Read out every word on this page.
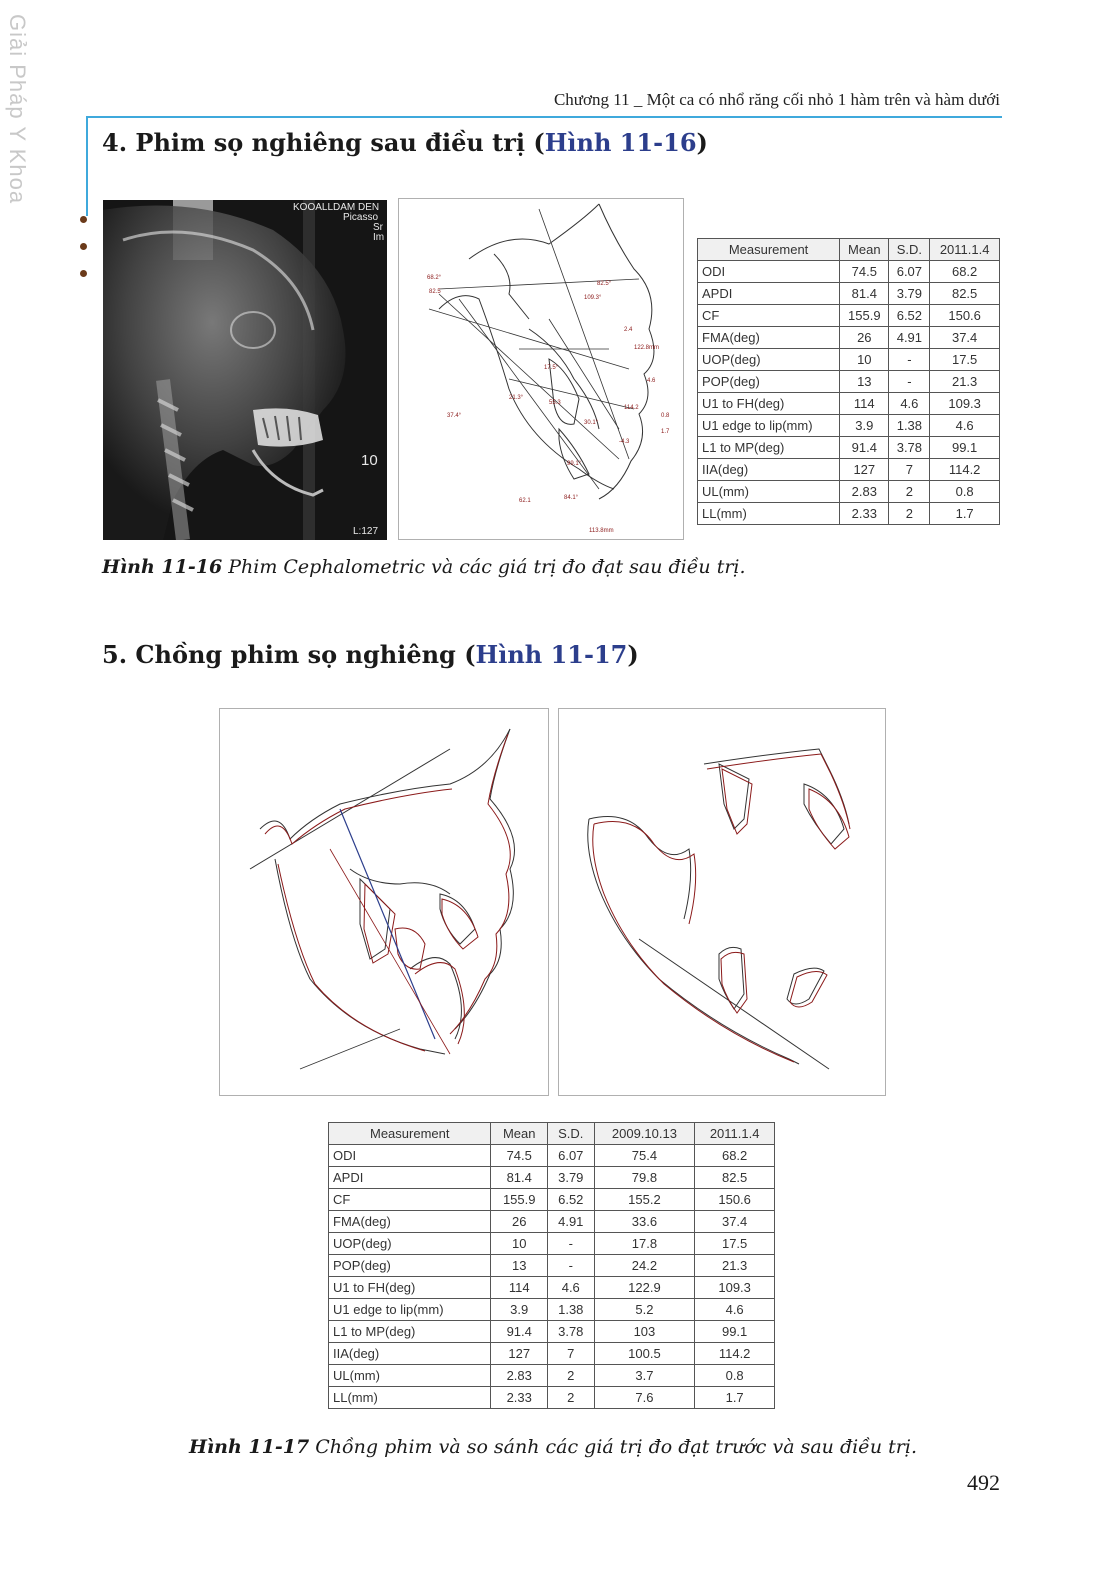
Giải Pháp Y Khoa	Chương 11 _ Một ca có nhổ răng cối nhỏ 1 hàm trên và hàm dưới
4. Phim sọ nghiêng sau điều trị (Hình 11-16)
KOOALLDAM DEN
Picasso
Sr
Im
10
L:127
68.2°
82.5
109.3°
82.5°
2.4
122.8mm
4.6
0.8
1.7
37.4°
21.3°
17.5°
55.3
114.2
30.1°
-4.3
99.1°
84.1°
62.1
113.8mm
Measurement	Mean	S.D.	2011.1.4
ODI	74.5	6.07	68.2
APDI	81.4	3.79	82.5
CF	155.9	6.52	150.6
FMA(deg)	26	4.91	37.4
UOP(deg)	10	-	17.5
POP(deg)	13	-	21.3
U1 to FH(deg)	114	4.6	109.3
U1 edge to lip(mm)	3.9	1.38	4.6
L1 to MP(deg)	91.4	3.78	99.1
IIA(deg)	127	7	114.2
UL(mm)	2.83	2	0.8
LL(mm)	2.33	2	1.7
Hình 11-16 Phim Cephalometric và các giá trị đo đạt sau điều trị.
5. Chồng phim sọ nghiêng (Hình 11-17)
Measurement	Mean	S.D.	2009.10.13	2011.1.4
ODI	74.5	6.07	75.4	68.2
APDI	81.4	3.79	79.8	82.5
CF	155.9	6.52	155.2	150.6
FMA(deg)	26	4.91	33.6	37.4
UOP(deg)	10	-	17.8	17.5
POP(deg)	13	-	24.2	21.3
U1 to FH(deg)	114	4.6	122.9	109.3
U1 edge to lip(mm)	3.9	1.38	5.2	4.6
L1 to MP(deg)	91.4	3.78	103	99.1
IIA(deg)	127	7	100.5	114.2
UL(mm)	2.83	2	3.7	0.8
LL(mm)	2.33	2	7.6	1.7
Hình 11-17 Chồng phim và so sánh các giá trị đo đạt trước và sau điều trị.
492
